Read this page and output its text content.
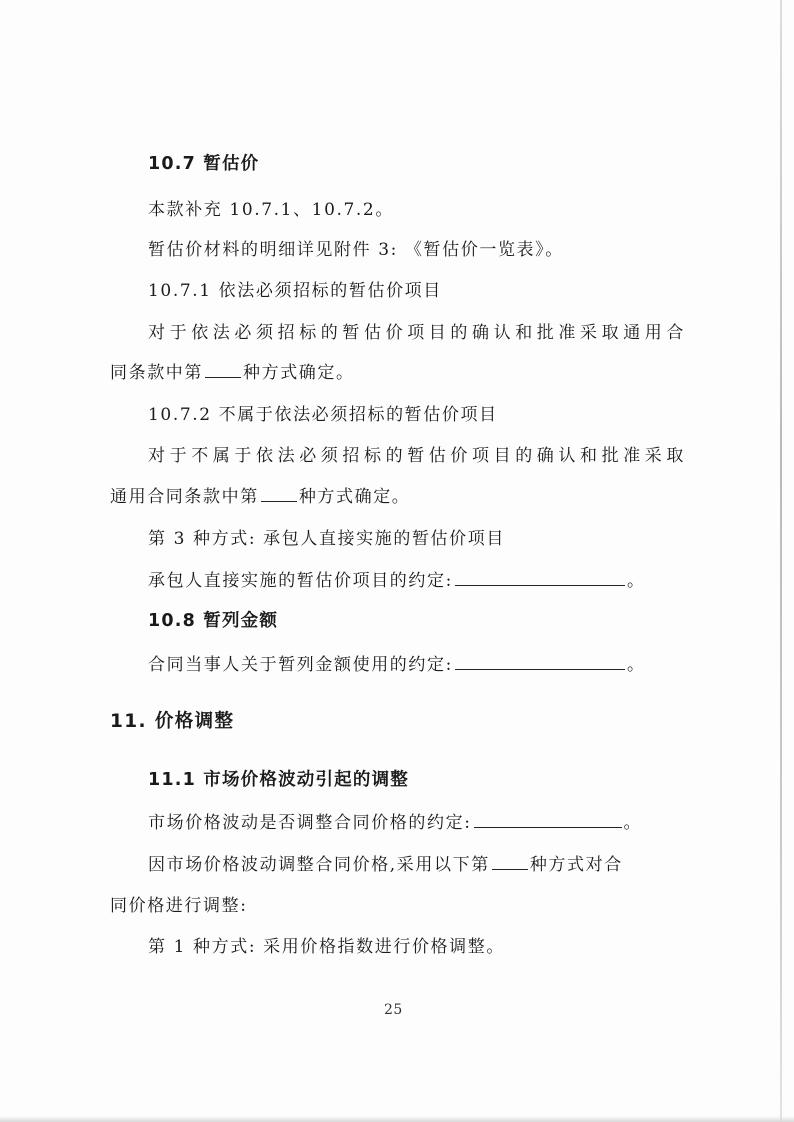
10.7 暂估价
本款补充 10.7.1、10.7.2。
暂估价材料的明细详见附件 3: 《暂估价一览表》。
10.7.1 依法必须招标的暂估价项目
对于依法必须招标的暂估价项目的确认和批准采取通用合
同条款中第 种方式确定。
10.7.2 不属于依法必须招标的暂估价项目
对于不属于依法必须招标的暂估价项目的确认和批准采取
通用合同条款中第 种方式确定。
第 3 种方式: 承包人直接实施的暂估价项目
承包人直接实施的暂估价项目的约定:	。
10.8 暂列金额
合同当事人关于暂列金额使用的约定:	。
11. 价格调整
11.1 市场价格波动引起的调整
市场价格波动是否调整合同价格的约定:	。
因市场价格波动调整合同价格,采用以下第 种方式对合
同价格进行调整:
第 1 种方式: 采用价格指数进行价格调整。
25
